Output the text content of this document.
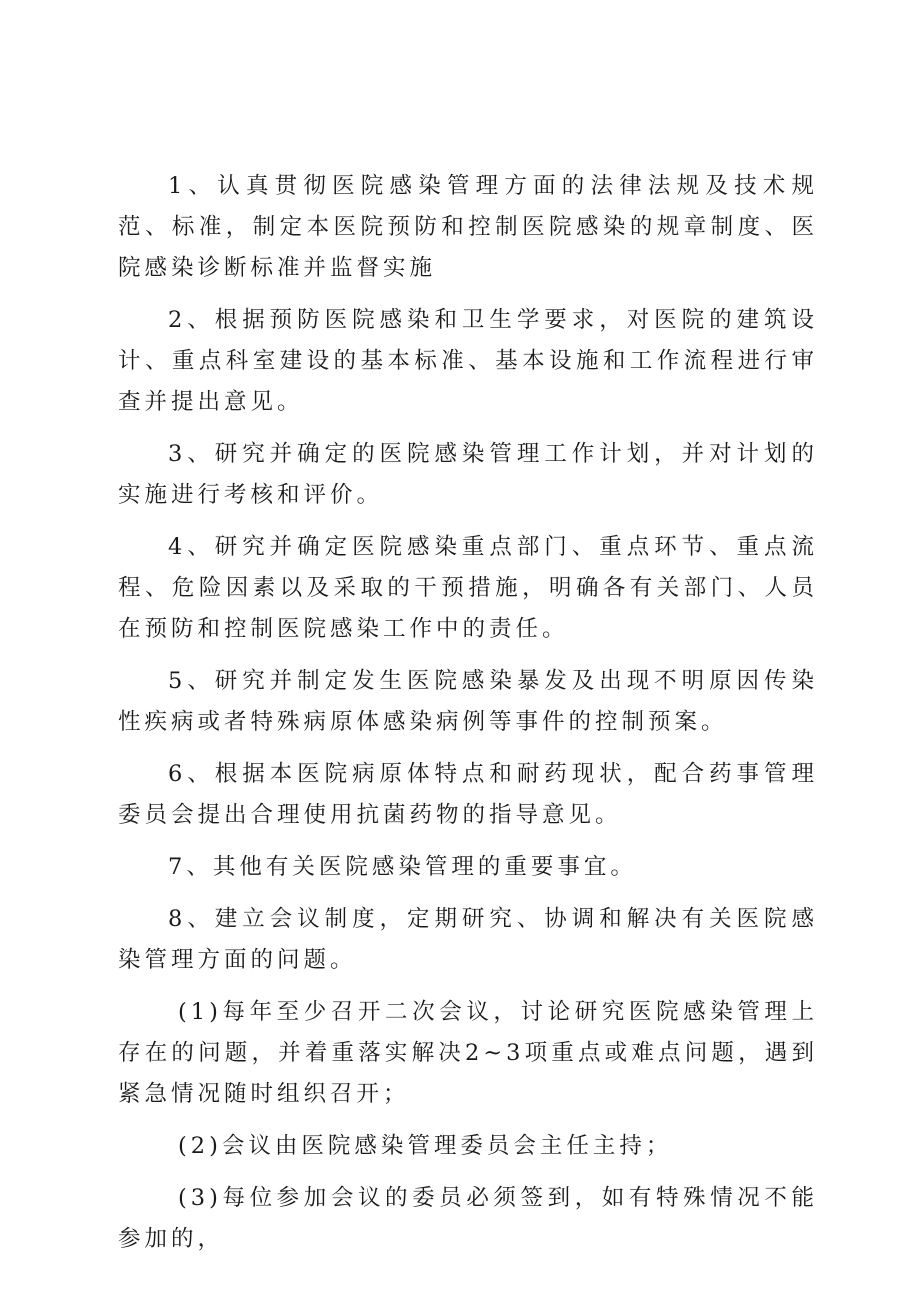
1、认真贯彻医院感染管理方面的法律法规及技术规范、标准，制定本医院预防和控制医院感染的规章制度、医院感染诊断标准并监督实施

2、根据预防医院感染和卫生学要求，对医院的建筑设计、重点科室建设的基本标准、基本设施和工作流程进行审查并提出意见。

3、研究并确定的医院感染管理工作计划，并对计划的实施进行考核和评价。

4、研究并确定医院感染重点部门、重点环节、重点流程、危险因素以及采取的干预措施，明确各有关部门、人员在预防和控制医院感染工作中的责任。

5、研究并制定发生医院感染暴发及出现不明原因传染性疾病或者特殊病原体感染病例等事件的控制预案。

6、根据本医院病原体特点和耐药现状，配合药事管理委员会提出合理使用抗菌药物的指导意见。

7、其他有关医院感染管理的重要事宜。

8、建立会议制度，定期研究、协调和解决有关医院感染管理方面的问题。

(1)每年至少召开二次会议，讨论研究医院感染管理上存在的问题，并着重落实解决2~3项重点或难点问题，遇到紧急情况随时组织召开；

(2)会议由医院感染管理委员会主任主持；

(3)每位参加会议的委员必须签到，如有特殊情况不能参加的，
